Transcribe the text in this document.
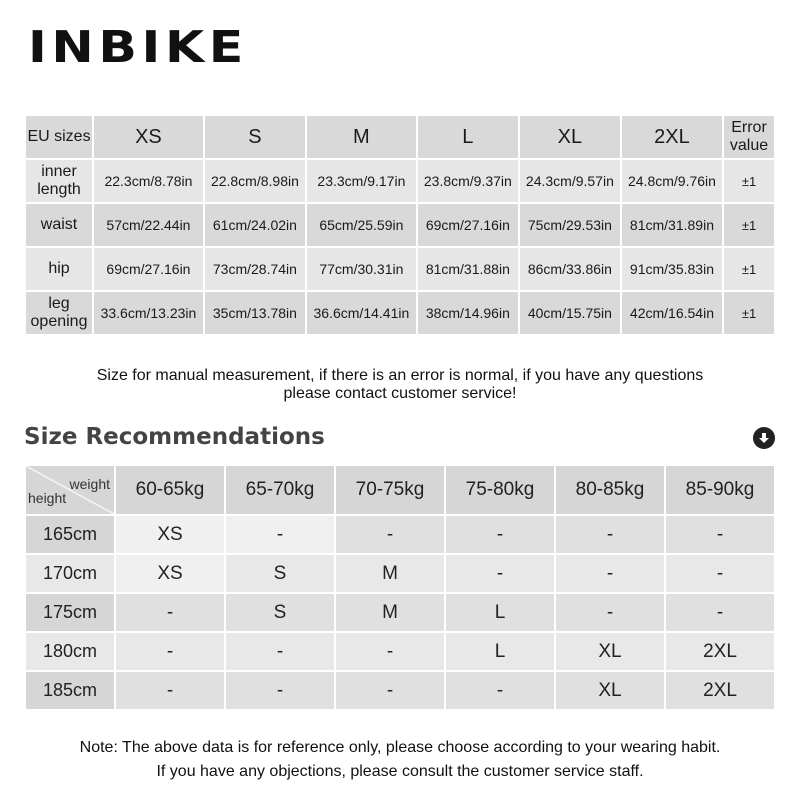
INBIKE
EU sizes	XS	S	M	L	XL	2XL	Error value
inner length	22.3cm/8.78in	22.8cm/8.98in	23.3cm/9.17in	23.8cm/9.37in	24.3cm/9.57in	24.8cm/9.76in	±1
waist	57cm/22.44in	61cm/24.02in	65cm/25.59in	69cm/27.16in	75cm/29.53in	81cm/31.89in	±1
hip	69cm/27.16in	73cm/28.74in	77cm/30.31in	81cm/31.88in	86cm/33.86in	91cm/35.83in	±1
leg opening	33.6cm/13.23in	35cm/13.78in	36.6cm/14.41in	38cm/14.96in	40cm/15.75in	42cm/16.54in	±1
Size for manual measurement, if there is an error is normal, if you have any questions
please contact customer service!
Size Recommendations
weight
height	60-65kg	65-70kg	70-75kg	75-80kg	80-85kg	85-90kg
165cm	XS	-	-	-	-	-
170cm	XS	S	M	-	-	-
175cm	-	S	M	L	-	-
180cm	-	-	-	L	XL	2XL
185cm	-	-	-	-	XL	2XL
Note: The above data is for reference only, please choose according to your wearing habit.
If you have any objections, please consult the customer service staff.
